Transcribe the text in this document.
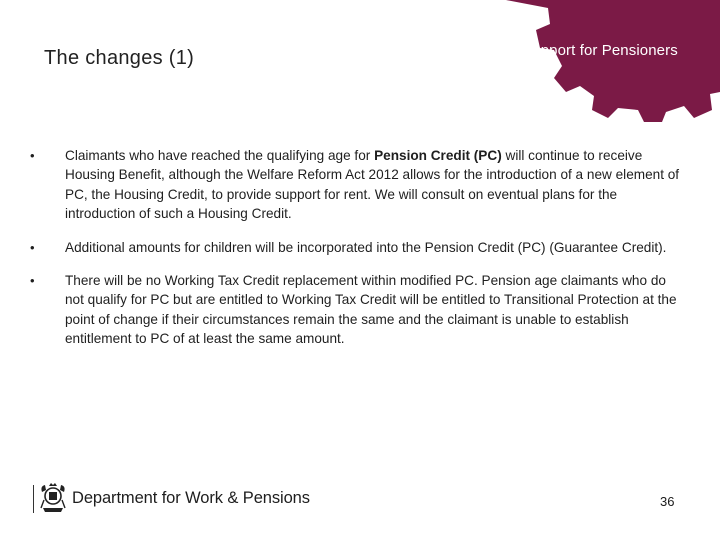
Support for Pensioners
The changes (1)
• Claimants who have reached the qualifying age for Pension Credit (PC) will continue to receive Housing Benefit, although the Welfare Reform Act 2012 allows for the introduction of a new element of PC, the Housing Credit, to provide support for rent. We will consult on eventual plans for the introduction of such a Housing Credit.
• Additional amounts for children will be incorporated into the Pension Credit (PC) (Guarantee Credit).
• There will be no Working Tax Credit replacement within modified PC. Pension age claimants who do not qualify for PC but are entitled to Working Tax Credit will be entitled to Transitional Protection at the point of change if their circumstances remain the same and the claimant is unable to establish entitlement to PC of at least the same amount.
Department for Work & Pensions	36
